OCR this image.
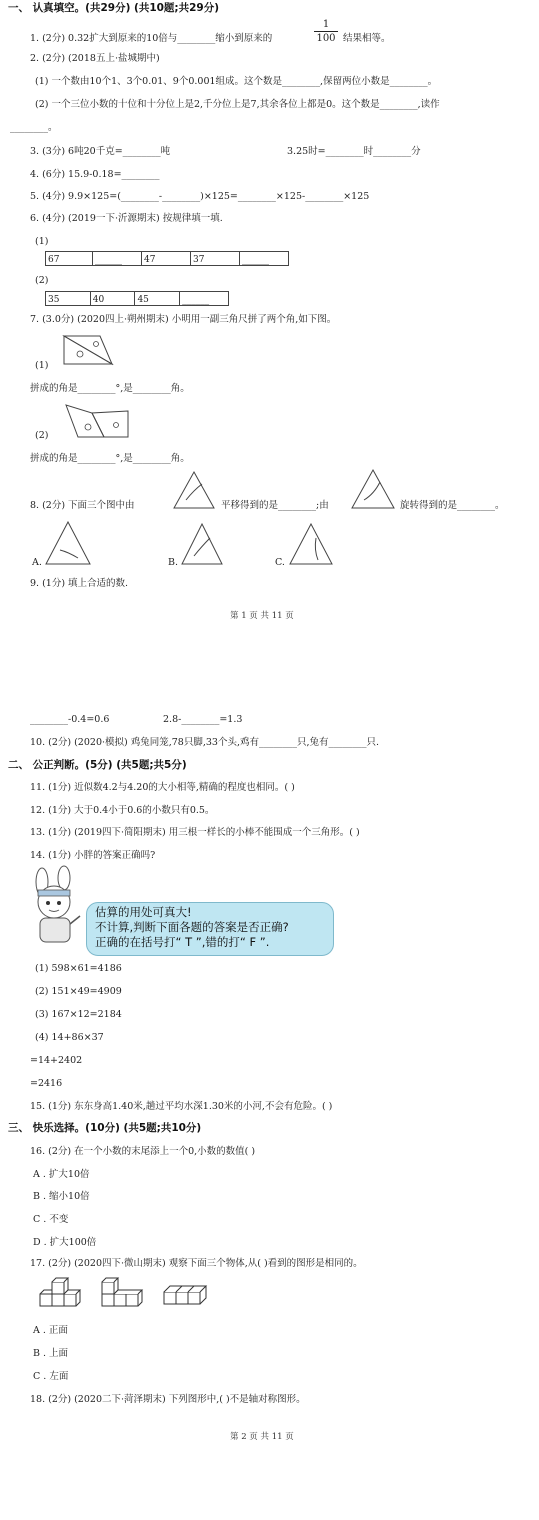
一、 认真填空。(共29分) (共10题;共29分)
1. (2分) 0.32扩大到原来的10倍与________缩小到原来的
1
100 结果相等。
2. (2分) (2018五上·盐城期中)
(1) 一个数由10个1、3个0.01、9个0.001组成。这个数是________,保留两位小数是________。
(2) 一个三位小数的十位和十分位上是2,千分位上是7,其余各位上都是0。这个数是________,读作
________。
3. (3分) 6吨20千克=________吨	3.25时=________时________分
4. (6分) 15.9-0.18=________
5. (4分) 9.9×125=(________-________)×125=________×125-________×125
6. (4分) (2019一下·沂源期末) 按规律填一填.
(1)
67	______	47	37	______
(2)
35	40	45	______
7. (3.0分) (2020四上·朔州期末) 小明用一副三角尺拼了两个角,如下图。
(1)
拼成的角是________°,是________角。
(2)
拼成的角是________°,是________角。
8. (2分) 下面三个图中由	平移得到的是________;由	旋转得到的是________。
A.	B.	C.
9. (1分) 填上合适的数.
第 1 页 共 11 页
________-0.4=0.6	2.8-________=1.3
10. (2分) (2020·模拟) 鸡兔同笼,78只脚,33个头,鸡有________只,兔有________只.
二、 公正判断。(5分) (共5题;共5分)
11. (1分) 近似数4.2与4.20的大小相等,精确的程度也相同。( )
12. (1分) 大于0.4小于0.6的小数只有0.5。
13. (1分) (2019四下·简阳期末) 用三根一样长的小棒不能围成一个三角形。( )
14. (1分) 小胖的答案正确吗?
估算的用处可真大!
不计算,判断下面各题的答案是否正确?
正确的在括号打“ T ”,错的打“ F ”.
(1) 598×61=4186
(2) 151×49=4909
(3) 167×12=2184
(4) 14+86×37
=14+2402
=2416
15. (1分) 东东身高1.40米,趟过平均水深1.30米的小河,不会有危险。( )
三、 快乐选择。(10分) (共5题;共10分)
16. (2分) 在一个小数的末尾添上一个0,小数的数值( )
A . 扩大10倍
B . 缩小10倍
C . 不变
D . 扩大100倍
17. (2分) (2020四下·微山期末) 观察下面三个物体,从( )看到的图形是相同的。
A . 正面
B . 上面
C . 左面
18. (2分) (2020二下·菏泽期末) 下列图形中,( )不是轴对称图形。
第 2 页 共 11 页
